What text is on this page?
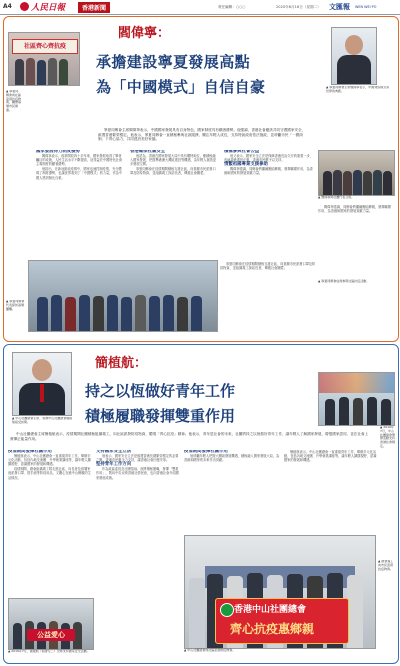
A4 人民日報	香港新聞	責任編輯：○○○	2020年6月16日（星期二） 文匯報 WEN WEI PO
社區齊心齊抗疫
閻偉寧：
承擔建設寧夏發展高點
為「中國模式」自信自豪	▲ 寧夏同鄉會主席閻偉寧表示，中國建設模式是世界的典範。
▲ 寧夏同鄉會向社區派發抗疫物資，關懷基層市民健康。

寧夏同鄉會主席閻偉寧表示，中國國家發展具有自身特色，國家制度具有顯著優勢。他強調，香港社會應該共同守護國家安全，維護香港繁榮穩定。他表示，寧夏同鄉會一直積極參與社區服務，關注年輕人成長，支持特區政府依法施政，並呼籲市民「一國兩制」下齊心協力，共同建設美好家園。

國家發展得力制度優勢

閻偉寧表示，改革開放四十多年來，國家發展取得了舉世矚目的成就，人民生活水平不斷提高，這得益於中國特色社會主義制度的顯著優勢。

他指出，在新冠肺炎疫情中，國家迅速控制疫情，充分體現了制度優勢，也讓世界看到了「中國模式」的力量，作為中國人感到無比自豪。

香港確保社區安全

他認為，香港在國家發展大局中具有獨特地位，應積極融入國家發展，把握粵港澳大灣區建設等機遇，為年輕人創造更多發展空間。

寧夏同鄉會在疫情期間積極支援社區，向基層市民派發口罩及防疫物資，並組織義工探訪長者，傳遞社會關愛。

積極參與社會公益

他又表示，國家安全立法是保障香港長治久安的重要一步，有助香港重回正軌，香港市民應予以支持。

情繫祖國專業支援參助

閻偉寧強調，同鄉會將繼續團結鄉親，發揮橋樑作用，為香港和國家的發展貢獻力量。

▲ 閻偉寧與社團代表合照。

閻偉寧強調，同鄉會將繼續團結鄉親，發揮橋樑作用，為香港和國家的發展貢獻力量。

▲ 寧夏同鄉會代表探訪基層團體。

寧夏同鄉會在疫情期間積極支援社區，向基層市民派發口罩及防疫物資，並組織義工探訪長者，傳遞社會關愛。

▲ 寧夏同鄉會成員參與社區抗疫活動。
▲ 中山社團總會主席、香港中山社團總會簡植航接受訪問。
簡植航：
持之以恆做好青年工作
積極履職發揮雙重作用
▲ 2019年7月，中山社團總會舉辦活動支持香港社會穩定。

中山社團總會主席簡植航表示，疫情期間社團積極組織義工，向社區派發防疫物資，體現「齊心抗疫」精神。他表示，青年是社會的未來，社團將持之以恆做好青年工作，讓年輕人了解國家發展，增強國家認同，並在社會上發揮正能量作用。

疫情期間發揮社團作用

簡植航表示，中山社團總會一直重視青年工作，舉辦多元化活動，包括內地交流團、升學就業講座等，讓年輕人擴闊視野，認識國家的發展和機遇。

疫情期間，總會組織義工隊走進社區，向長者及基層家庭派發口罩、搓手液等防疫用品，又關心在港中山鄉親的生活情況。

支持國家安全立法

他表示，國家安全立法是維護香港長期繁榮穩定的必要之舉，香港市民應全力支持，讓香港社會回復安寧。

堅持青年工作方向

作為政協委員及社團領袖，他將積極履職，發揮「雙重作用」，既向中央反映香港社情民意，也向香港社會介紹國家發展成就。

疫情期間發揮社團作用

他呼籲年輕人把握大灣區發展機遇，積極融入國家發展大局，為香港和國家的未來作出貢獻。

簡植航表示，中山社團總會一直重視青年工作，舉辦多元化活動，包括內地交流團、升學就業講座等，讓年輕人擴闊視野，認識國家的發展和機遇。

公益愛心
▲ 2019年7月，簡植航（前排左二）出席支持國家安全活動。
香港中山社團總會
齊心抗疫惠鄉親
▲ 中山社團總會向社區派發防疫物資。
▲ 總會義工向市民派發抗疫物資。
